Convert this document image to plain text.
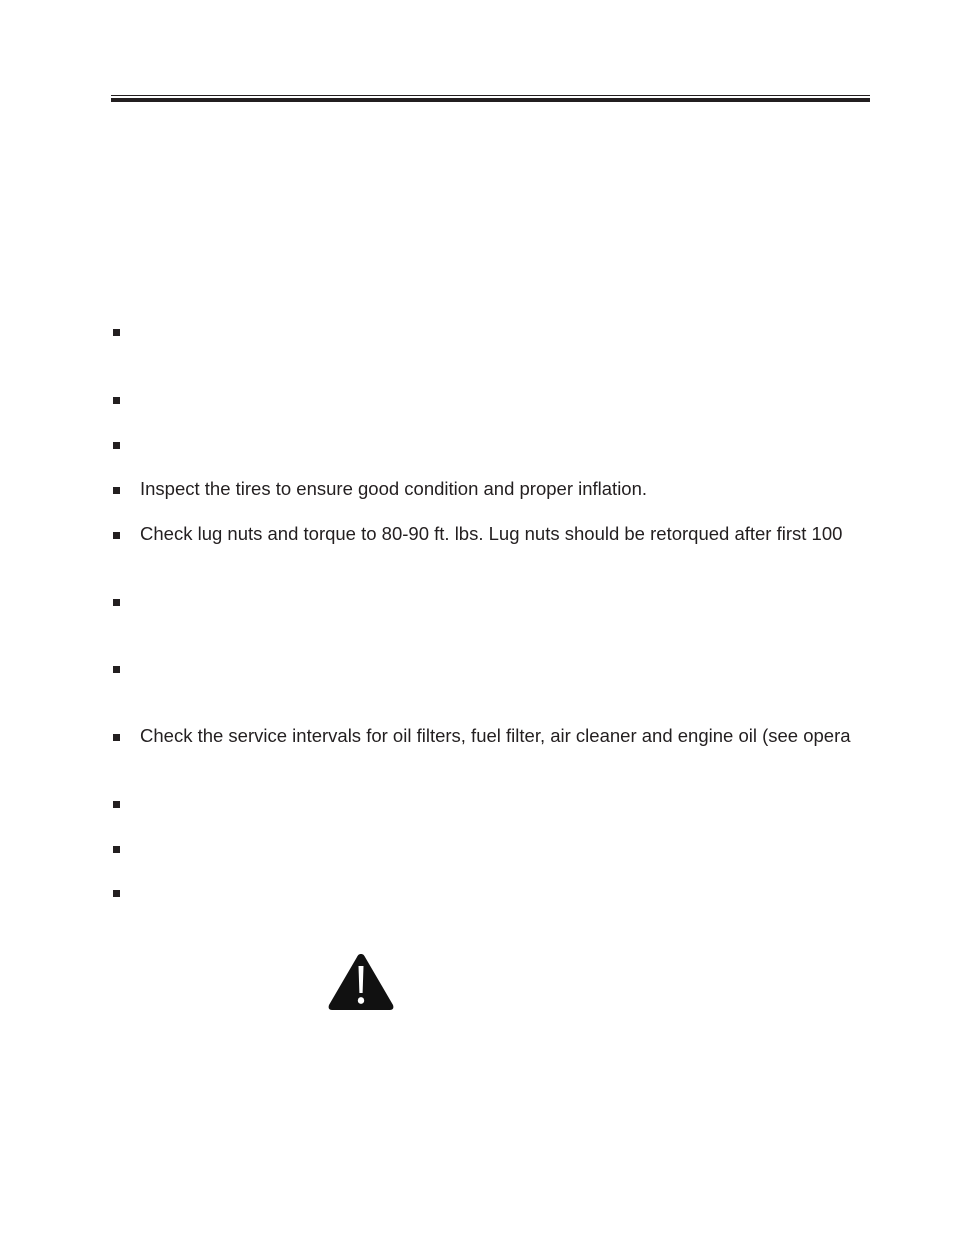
Inspect the tires to ensure good condition and proper inflation.
Check lug nuts and torque to 80-90 ft. lbs. Lug nuts should be retorqued after first 100
Check the service intervals for oil filters, fuel filter, air cleaner and engine oil (see opera
